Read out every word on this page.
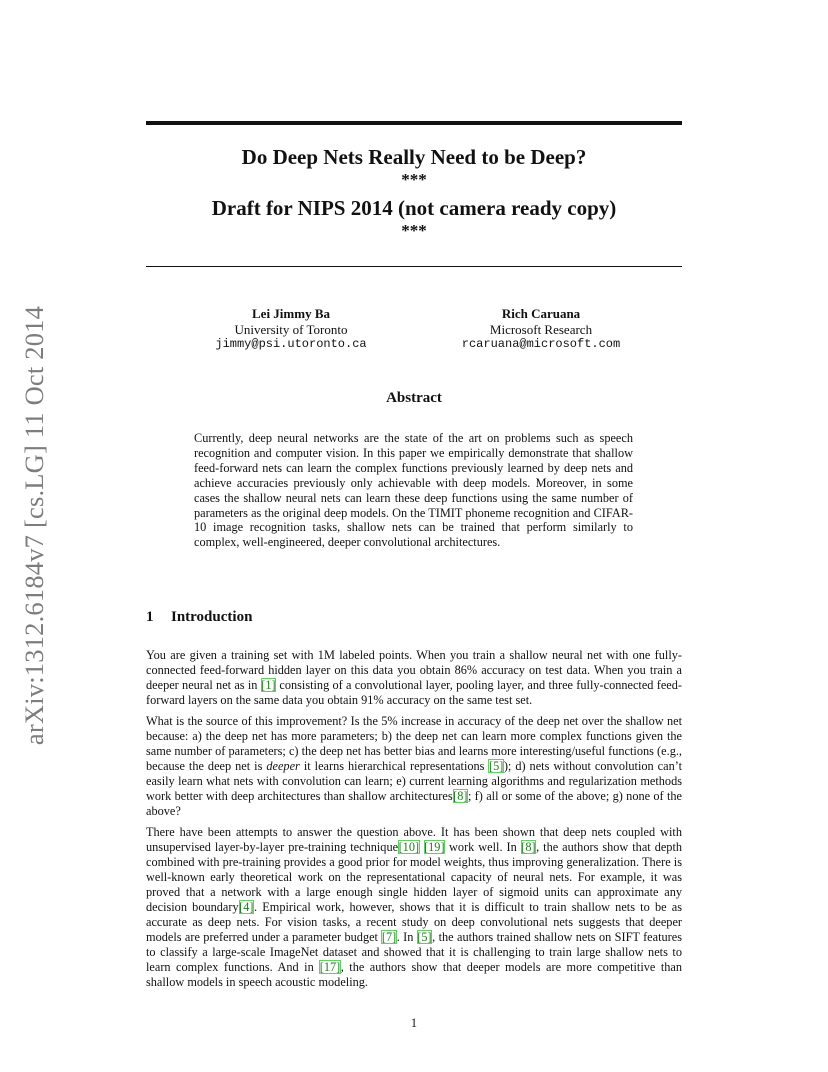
arXiv:1312.6184v7 [cs.LG] 11 Oct 2014

Do Deep Nets Really Need to be Deep?

***

Draft for NIPS 2014 (not camera ready copy)

***

Lei Jimmy Ba
University of Toronto
jimmy@psi.utoronto.ca
Rich Caruana
Microsoft Research
rcaruana@microsoft.com
Abstract

Currently, deep neural networks are the state of the art on problems such as speech recognition and computer vision. In this paper we empirically demonstrate that shallow feed-forward nets can learn the complex functions previously learned by deep nets and achieve accuracies previously only achievable with deep models. Moreover, in some cases the shallow neural nets can learn these deep functions using the same number of parameters as the original deep models. On the TIMIT phoneme recognition and CIFAR-10 image recognition tasks, shallow nets can be trained that perform similarly to complex, well-engineered, deeper convolutional architectures.

1 Introduction

You are given a training set with 1M labeled points. When you train a shallow neural net with one fully-connected feed-forward hidden layer on this data you obtain 86% accuracy on test data. When you train a deeper neural net as in [1] consisting of a convolutional layer, pooling layer, and three fully-connected feed-forward layers on the same data you obtain 91% accuracy on the same test set.

What is the source of this improvement? Is the 5% increase in accuracy of the deep net over the shallow net because: a) the deep net has more parameters; b) the deep net can learn more complex functions given the same number of parameters; c) the deep net has better bias and learns more interesting/useful functions (e.g., because the deep net is deeper it learns hierarchical representations [5]); d) nets without convolution can’t easily learn what nets with convolution can learn; e) current learning algorithms and regularization methods work better with deep architectures than shallow architectures[8]; f) all or some of the above; g) none of the above?

There have been attempts to answer the question above. It has been shown that deep nets coupled with unsupervised layer-by-layer pre-training technique[10] [19] work well. In [8], the authors show that depth combined with pre-training provides a good prior for model weights, thus improving generalization. There is well-known early theoretical work on the representational capacity of neural nets. For example, it was proved that a network with a large enough single hidden layer of sigmoid units can approximate any decision boundary[4]. Empirical work, however, shows that it is difficult to train shallow nets to be as accurate as deep nets. For vision tasks, a recent study on deep convolutional nets suggests that deeper models are preferred under a parameter budget [7]. In [5], the authors trained shallow nets on SIFT features to classify a large-scale ImageNet dataset and showed that it is challenging to train large shallow nets to learn complex functions. And in [17], the authors show that deeper models are more competitive than shallow models in speech acoustic modeling.

1
